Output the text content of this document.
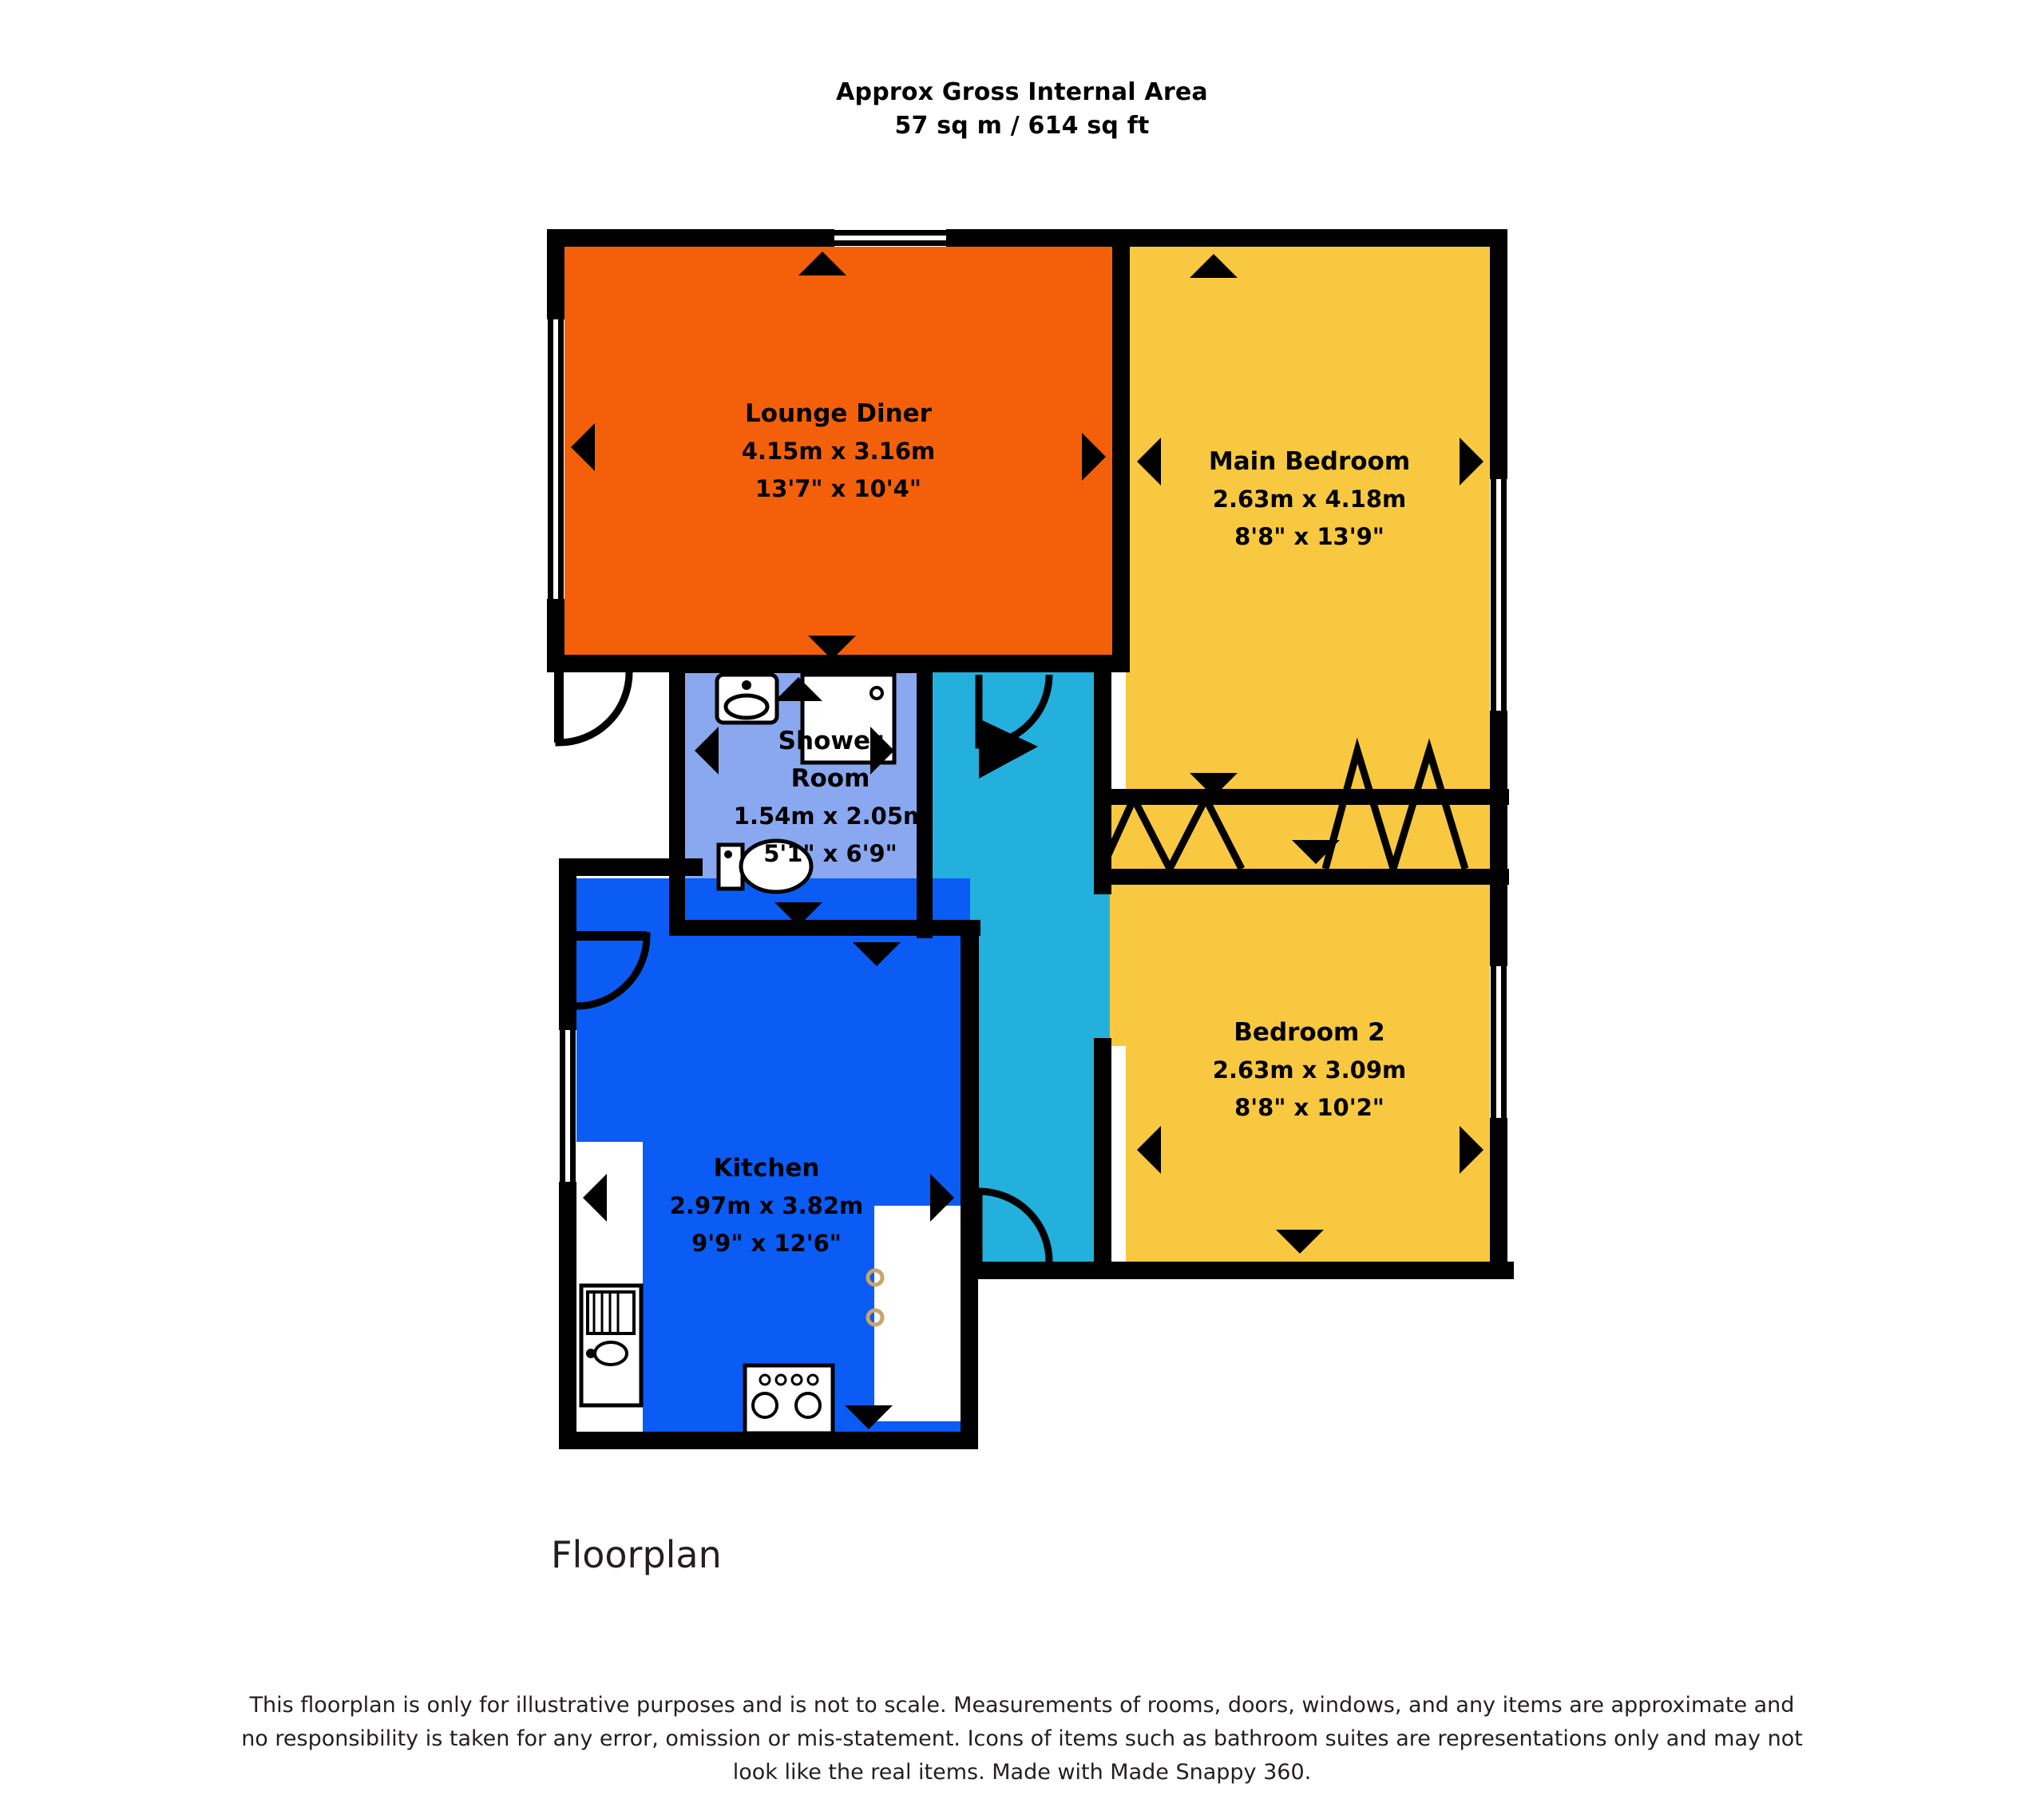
Approx Gross Internal Area
57 sq m / 614 sq ft
Lounge Diner
4.15m x 3.16m
13'7" x 10'4"
Main Bedroom
2.63m x 4.18m
8'8" x 13'9"
Shower
Room
1.54m x 2.05m
5'1" x 6'9"
Bedroom 2
2.63m x 3.09m
8'8" x 10'2"
Kitchen
2.97m x 3.82m
9'9" x 12'6"
Floorplan
This floorplan is only for illustrative purposes and is not to scale. Measurements of rooms, doors, windows, and any items are approximate and no responsibility is taken for any error, omission or mis-statement. Icons of items such as bathroom suites are representations only and may not look like the real items. Made with Made Snappy 360.
